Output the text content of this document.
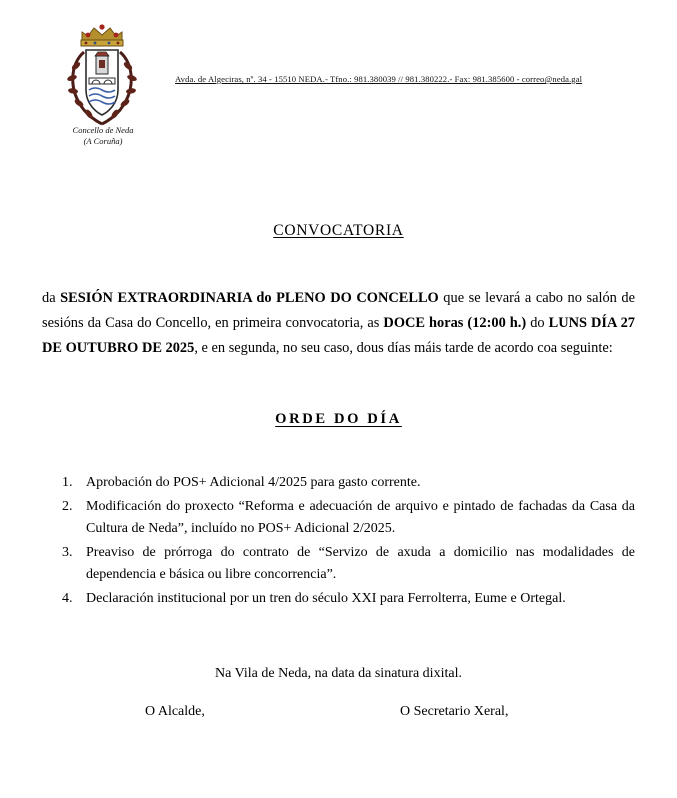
Concello de Neda
(A Coruña)
Avda. de Algeciras, nº. 34 - 15510 NEDA.- Tfno.: 981.380039 // 981.380222.- Fax: 981.385600 - correo@neda.gal
CONVOCATORIA

da SESIÓN EXTRAORDINARIA do PLENO DO CONCELLO que se levará a cabo no salón de sesións da Casa do Concello, en primeira convocatoria, as DOCE horas (12:00 h.) do LUNS DÍA 27 DE OUTUBRO DE 2025, e en segunda, no seu caso, dous días máis tarde de acordo coa seguinte:

ORDE DO DÍA
1. Aprobación do POS+ Adicional 4/2025 para gasto corrente.
2. Modificación do proxecto “Reforma e adecuación de arquivo e pintado de fachadas da Casa da Cultura de Neda”, incluído no POS+ Adicional 2/2025.
3. Preaviso de prórroga do contrato de “Servizo de axuda a domicilio nas modalidades de dependencia e básica ou libre concorrencia”.
4. Declaración institucional por un tren do século XXI para Ferrolterra, Eume e Ortegal.
Na Vila de Neda, na data da sinatura dixital.
O Alcalde,	O Secretario Xeral,
